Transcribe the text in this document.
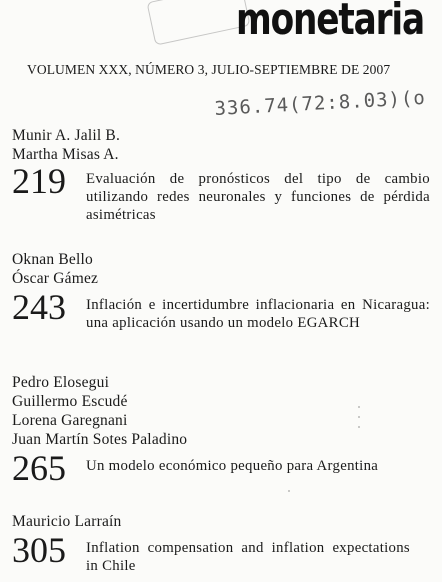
monetaria
VOLUMEN XXX, NÚMERO 3, JULIO-SEPTIEMBRE DE 2007
336.74(72:8.03)(o
Munir A. Jalil B.
Martha Misas A.
219 Evaluación de pronósticos del tipo de cambio utilizando redes neuronales y funciones de pérdida asimétricas
Oknan Bello
Óscar Gámez
243 Inflación e incertidumbre inflacionaria en Nicaragua: una aplicación usando un modelo EGARCH
Pedro Elosegui
Guillermo Escudé
Lorena Garegnani
Juan Martín Sotes Paladino
265 Un modelo económico pequeño para Argentina
Mauricio Larraín
305 Inflation compensation and inflation expectations in Chile
